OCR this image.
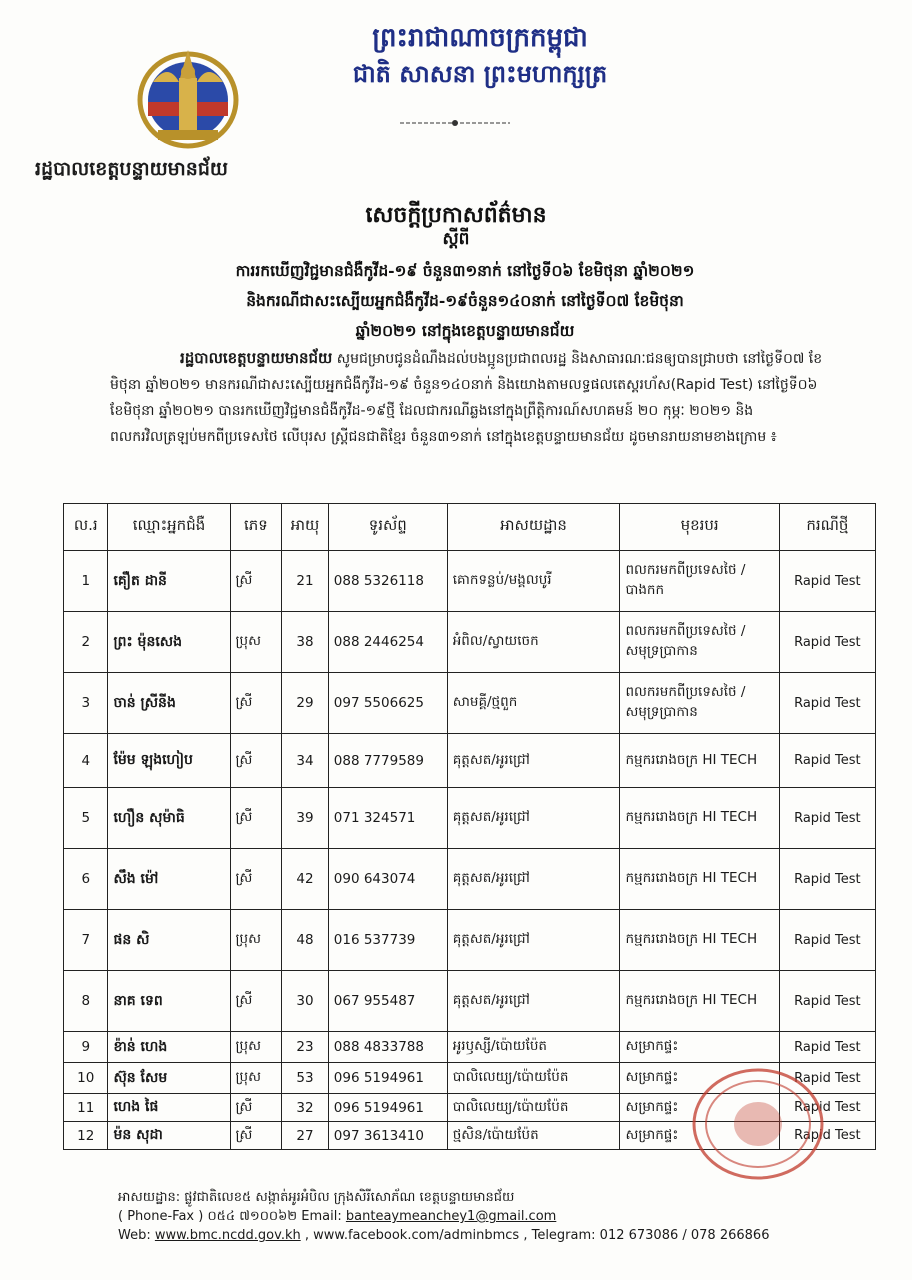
ព្រះរាជាណាចក្រកម្ពុជា
ជាតិ សាសនា ព្រះមហាក្សត្រ
រដ្ឋបាលខេត្តបន្ទាយមានជ័យ
សេចក្តីប្រកាសព័ត៌មាន
ស្តីពី
ការរកឃើញវិជ្ជមានជំងឺកូវីដ-១៩ ចំនួន៣១នាក់ នៅថ្ងៃទី០៦ ខែមិថុនា ឆ្នាំ២០២១
និងករណីជាសះស្បើយអ្នកជំងឺកូវីដ-១៩ចំនួន១៤០នាក់ នៅថ្ងៃទី០៧ ខែមិថុនា
ឆ្នាំ២០២១ នៅក្នុងខេត្តបន្ទាយមានជ័យ
រដ្ឋបាលខេត្តបន្ទាយមានជ័យ សូមជម្រាបជូនដំណឹងដល់បងប្អូនប្រជាពលរដ្ឋ និងសាធារណៈជនឲ្យបានជ្រាបថា នៅថ្ងៃទី០៧ ខែមិថុនា ឆ្នាំ២០២១ មានករណីជាសះស្បើយអ្នកជំងឺកូវីដ-១៩ ចំនួន១៤០នាក់ និងយោងតាមលទ្ធផលតេស្តរហ័ស(Rapid Test) នៅថ្ងៃទី០៦ ខែមិថុនា ឆ្នាំ២០២១ បានរកឃើញវិជ្ជមានជំងឺកូវីដ-១៩ថ្មី ដែលជាករណីឆ្លងនៅក្នុងព្រឹត្តិការណ៍សហគមន៍ ២០ កុម្ភៈ ២០២១ និងពលករវិលត្រឡប់មកពីប្រទេសថៃ លើបុរស ស្ត្រីជនជាតិខ្មែរ ចំនួន៣១នាក់ នៅក្នុងខេត្តបន្ទាយមានជ័យ ដូចមានរាយនាមខាងក្រោម ៖
ល.រ	ឈ្មោះអ្នកជំងឺ	ភេទ	អាយុ	ទូរស័ព្ទ	អាសយដ្ឋាន	មុខរបរ	ករណីថ្មី
1	គឿត ដានី	ស្រី	21	088 5326118	គោកទន្លប់/មង្គលបូរី	ពលករមកពីប្រទេសថៃ / បាងកក	Rapid Test
2	ព្រះ ម៉ុនសេង	ប្រុស	38	088 2446254	អំពិល/ស្វាយចេក	ពលករមកពីប្រទេសថៃ / សមុទ្រប្រាកាន	Rapid Test
3	ចាន់ ស្រីនីង	ស្រី	29	097 5506625	សាមគ្គី/ថ្មពួក	ពលករមកពីប្រទេសថៃ / សមុទ្រប្រាកាន	Rapid Test
4	ម៉ែម ឡុងហៀប	ស្រី	34	088 7779589	គុត្តសត/អូរជ្រៅ	កម្មកររោងចក្រ HI TECH	Rapid Test
5	ហឿន សុម៉ាធិ	ស្រី	39	071 324571	គុត្តសត/អូរជ្រៅ	កម្មកររោងចក្រ HI TECH	Rapid Test
6	សឹង ម៉ៅ	ស្រី	42	090 643074	គុត្តសត/អូរជ្រៅ	កម្មកររោងចក្រ HI TECH	Rapid Test
7	ផន សិ	ប្រុស	48	016 537739	គុត្តសត/អូរជ្រៅ	កម្មកររោងចក្រ HI TECH	Rapid Test
8	នាគ ទេព	ស្រី	30	067 955487	គុត្តសត/អូរជ្រៅ	កម្មកររោងចក្រ HI TECH	Rapid Test
9	ខ៉ាន់ ហេង	ប្រុស	23	088 4833788	អូរឫស្សី/ប៉ោយប៉ែត	សម្រាកផ្ទះ	Rapid Test
10	ស៊ុន សែម	ប្រុស	53	096 5194961	បាលិលេយ្យ/ប៉ោយប៉ែត	សម្រាកផ្ទះ	Rapid Test
11	ហេង ផៃ	ស្រី	32	096 5194961	បាលិលេយ្យ/ប៉ោយប៉ែត	សម្រាកផ្ទះ	Rapid Test
12	ម៉ន សុដា	ស្រី	27	097 3613410	ថ្មសិន/ប៉ោយប៉ែត	សម្រាកផ្ទះ	Rapid Test
អាសយដ្ឋាន: ផ្លូវជាតិលេខ៥ សង្កាត់អូរអំបិល ក្រុងសិរីសោភ័ណ ខេត្តបន្ទាយមានជ័យ
( Phone-Fax ) ០៥៤ ៧១០០៦២ Email: banteaymeanchey1@gmail.com
Web: www.bmc.ncdd.gov.kh , www.facebook.com/adminbmcs , Telegram: 012 673086 / 078 266866
